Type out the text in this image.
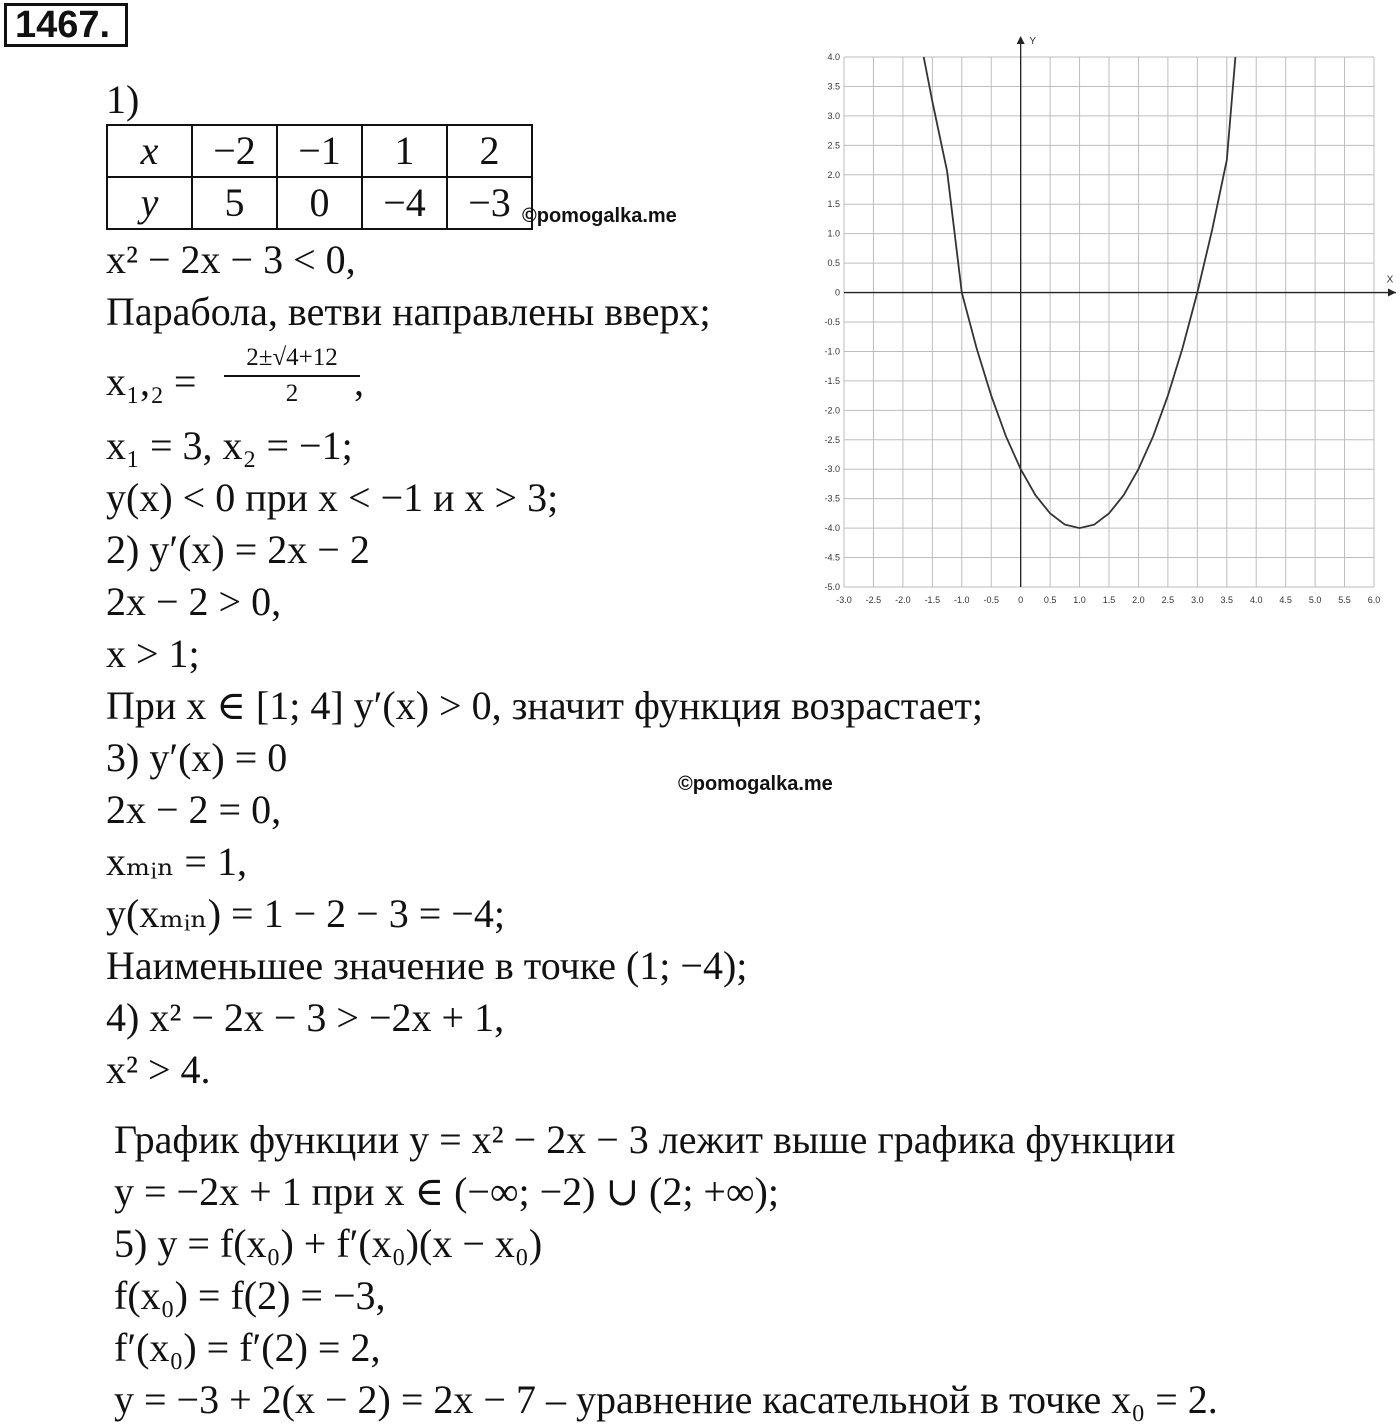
1467.
1)
x	−2	−1	1	2
y	5	0	−4	−3 ©pomogalka.me
x² − 2x − 3 < 0,
Парабола, ветви направлены вверх;
x₁,₂ =
2±√4+12
2	,
x₁ = 3, x₂ = −1;
y(x) < 0 при x < −1 и x > 3;
2) y′(x) = 2x − 2
2x − 2 > 0,
x > 1;
При x ∈ [1; 4] y′(x) > 0, значит функция возрастает;
3) y′(x) = 0
©pomogalka.me
2x − 2 = 0,
xₘᵢₙ = 1,
y(xₘᵢₙ) = 1 − 2 − 3 = −4;
Наименьшее значение в точке (1; −4);
4) x² − 2x − 3 > −2x + 1,
x² > 4.
График функции y = x² − 2x − 3 лежит выше графика функции
y = −2x + 1 при x ∈ (−∞; −2) ∪ (2; +∞);
5) y = f(x₀) + f′(x₀)(x − x₀)
f(x₀) = f(2) = −3,
f′(x₀) = f′(2) = 2,
y = −3 + 2(x − 2) = 2x − 7 – уравнение касательной в точке x₀ = 2.
-3.0 -2.5 -2.0 -1.5 -1.0 -0.5 0 0.5 1.0 1.5 2.0 2.5 3.0 3.5 4.0 4.5 5.0 5.5 6.0
4.0
3.5
3.0
2.5
2.0
1.5
1.0
0.5
0
-0.5
-1.0
-1.5
-2.0
-2.5
-3.0
-3.5
-4.0
-4.5
-5.0
X
Y
